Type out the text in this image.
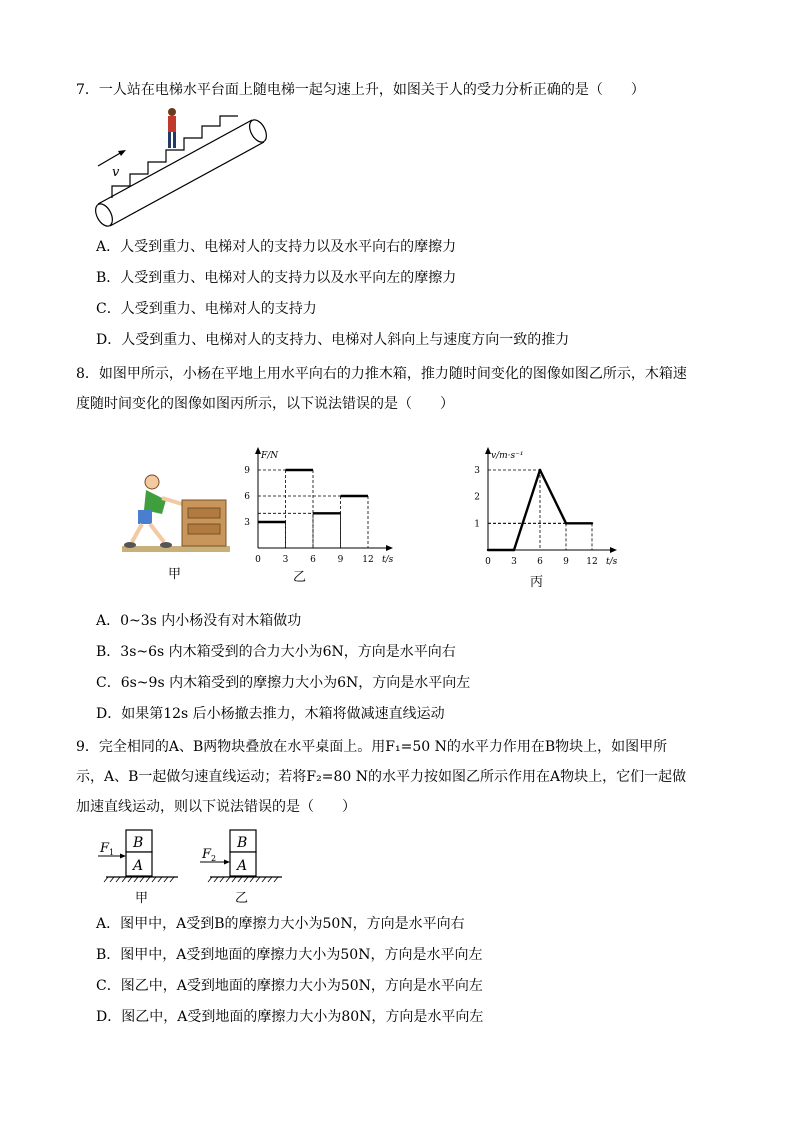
7．一人站在电梯水平台面上随电梯一起匀速上升，如图关于人的受力分析正确的是（　　）
v
A．人受到重力、电梯对人的支持力以及水平向右的摩擦力
B．人受到重力、电梯对人的支持力以及水平向左的摩擦力
C．人受到重力、电梯对人的支持力
D．人受到重力、电梯对人的支持力、电梯对人斜向上与速度方向一致的推力
8．如图甲所示，小杨在平地上用水平向右的力推木箱，推力随时间变化的图像如图乙所示，木箱速
度随时间变化的图像如图丙所示，以下说法错误的是（　　）
甲
t/s
F/N
0 3 6 9 12
3
6
9
乙
t/s
v/m·s⁻¹
0 3 6 9 12
1
2
3
丙
A．0~3s 内小杨没有对木箱做功
B．3s~6s 内木箱受到的合力大小为6N，方向是水平向右
C．6s~9s 内木箱受到的摩擦力大小为6N，方向是水平向左
D．如果第12s 后小杨撤去推力，木箱将做减速直线运动
9．完全相同的A、B两物块叠放在水平桌面上。用F₁=50 N的水平力作用在B物块上，如图甲所
示，A、B一起做匀速直线运动；若将F₂=80 N的水平力按如图乙所示作用在A物块上，它们一起做
加速直线运动，则以下说法错误的是（　　）
B
A
F 1
甲
B
A
F 2
乙
A．图甲中，A受到B的摩擦力大小为50N，方向是水平向右
B．图甲中，A受到地面的摩擦力大小为50N，方向是水平向左
C．图乙中，A受到地面的摩擦力大小为50N，方向是水平向左
D．图乙中，A受到地面的摩擦力大小为80N，方向是水平向左
